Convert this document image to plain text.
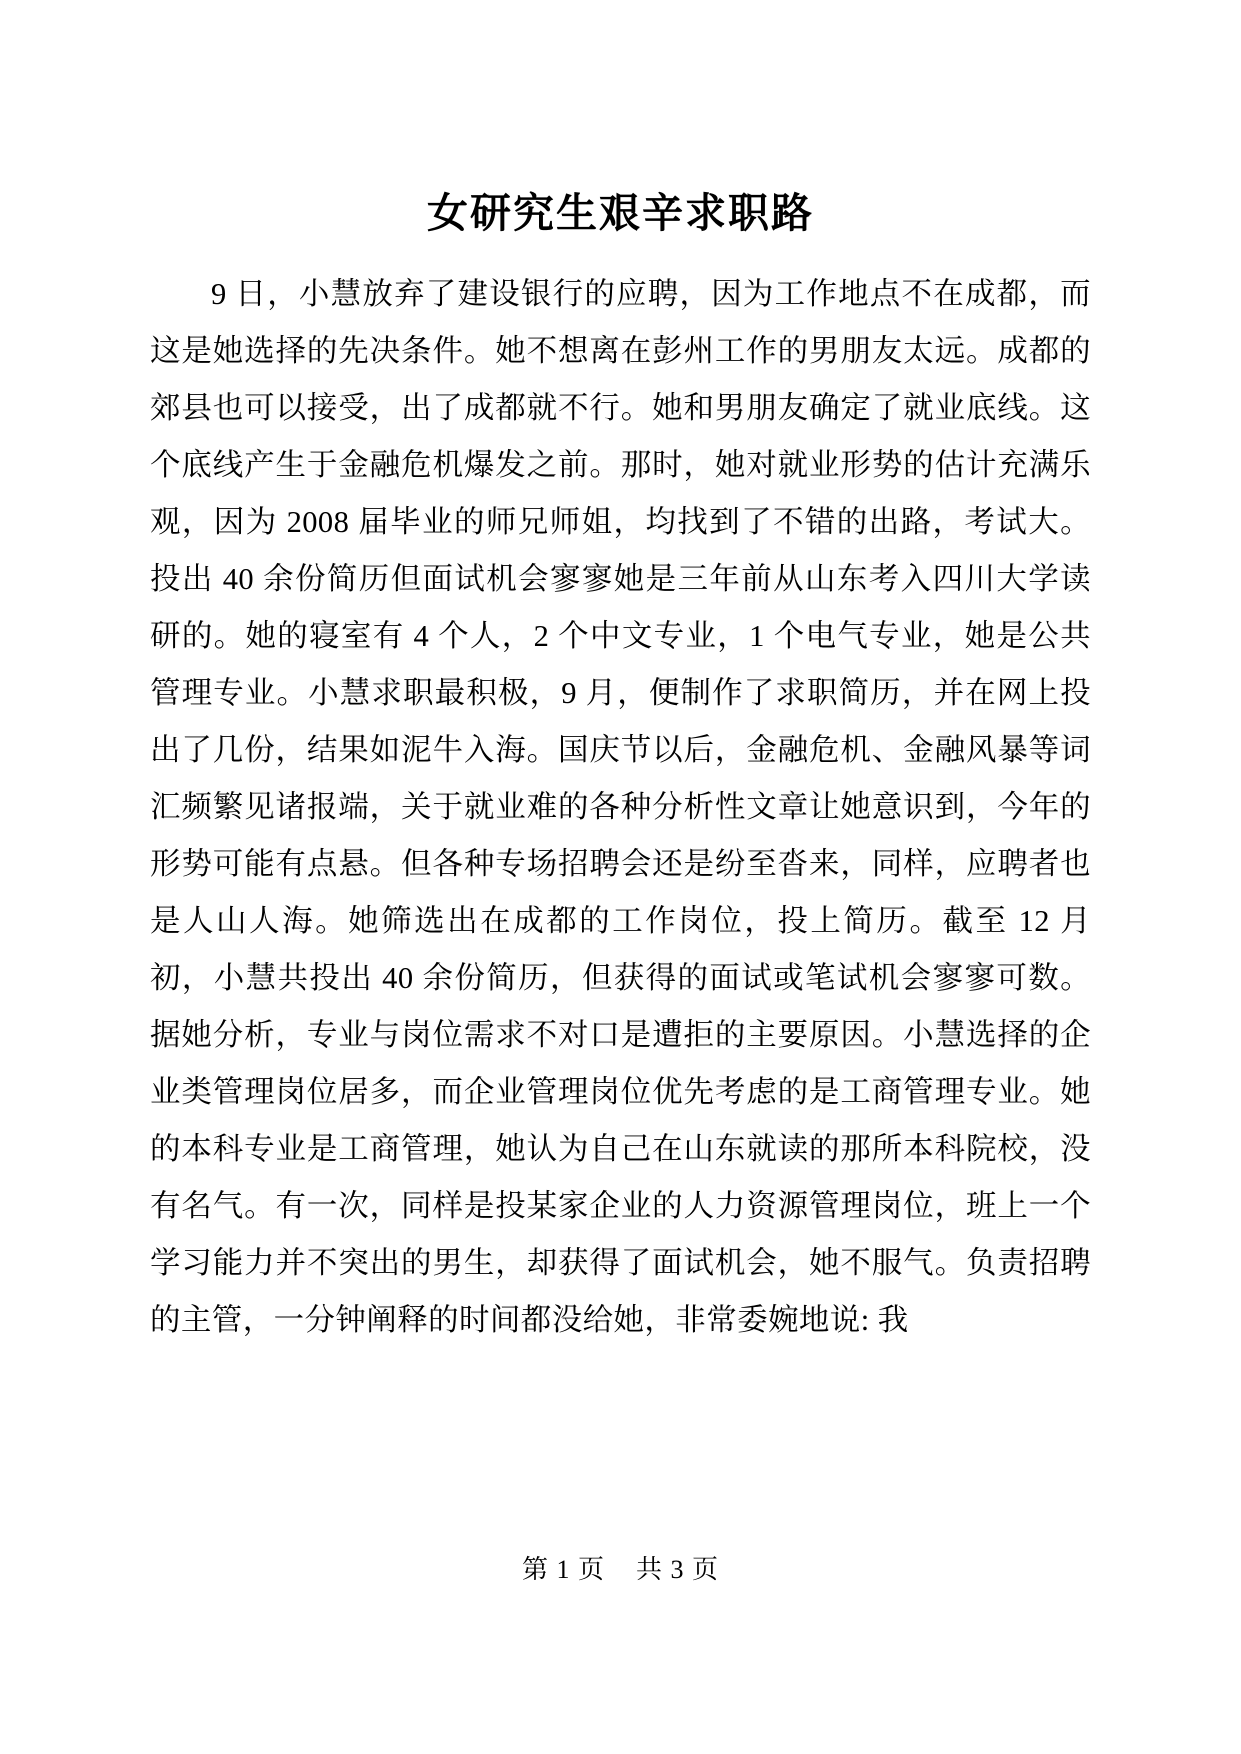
女研究生艰辛求职路

9 日，小慧放弃了建设银行的应聘，因为工作地点不在成都，而这是她选择的先决条件。她不想离在彭州工作的男朋友太远。成都的郊县也可以接受，出了成都就不行。她和男朋友确定了就业底线。这个底线产生于金融危机爆发之前。那时，她对就业形势的估计充满乐观，因为 2008 届毕业的师兄师姐，均找到了不错的出路，考试大。投出 40 余份简历但面试机会寥寥她是三年前从山东考入四川大学读研的。她的寝室有 4 个人，2 个中文专业，1 个电气专业，她是公共管理专业。小慧求职最积极，9 月，便制作了求职简历，并在网上投出了几份，结果如泥牛入海。国庆节以后，金融危机、金融风暴等词汇频繁见诸报端，关于就业难的各种分析性文章让她意识到，今年的形势可能有点悬。但各种专场招聘会还是纷至沓来，同样，应聘者也是人山人海。她筛选出在成都的工作岗位，投上简历。截至 12 月初，小慧共投出 40 余份简历，但获得的面试或笔试机会寥寥可数。据她分析，专业与岗位需求不对口是遭拒的主要原因。小慧选择的企业类管理岗位居多，而企业管理岗位优先考虑的是工商管理专业。她的本科专业是工商管理，她认为自己在山东就读的那所本科院校，没有名气。有一次，同样是投某家企业的人力资源管理岗位，班上一个学习能力并不突出的男生，却获得了面试机会，她不服气。负责招聘的主管，一分钟阐释的时间都没给她，非常委婉地说: 我

第 1 页 共 3 页
